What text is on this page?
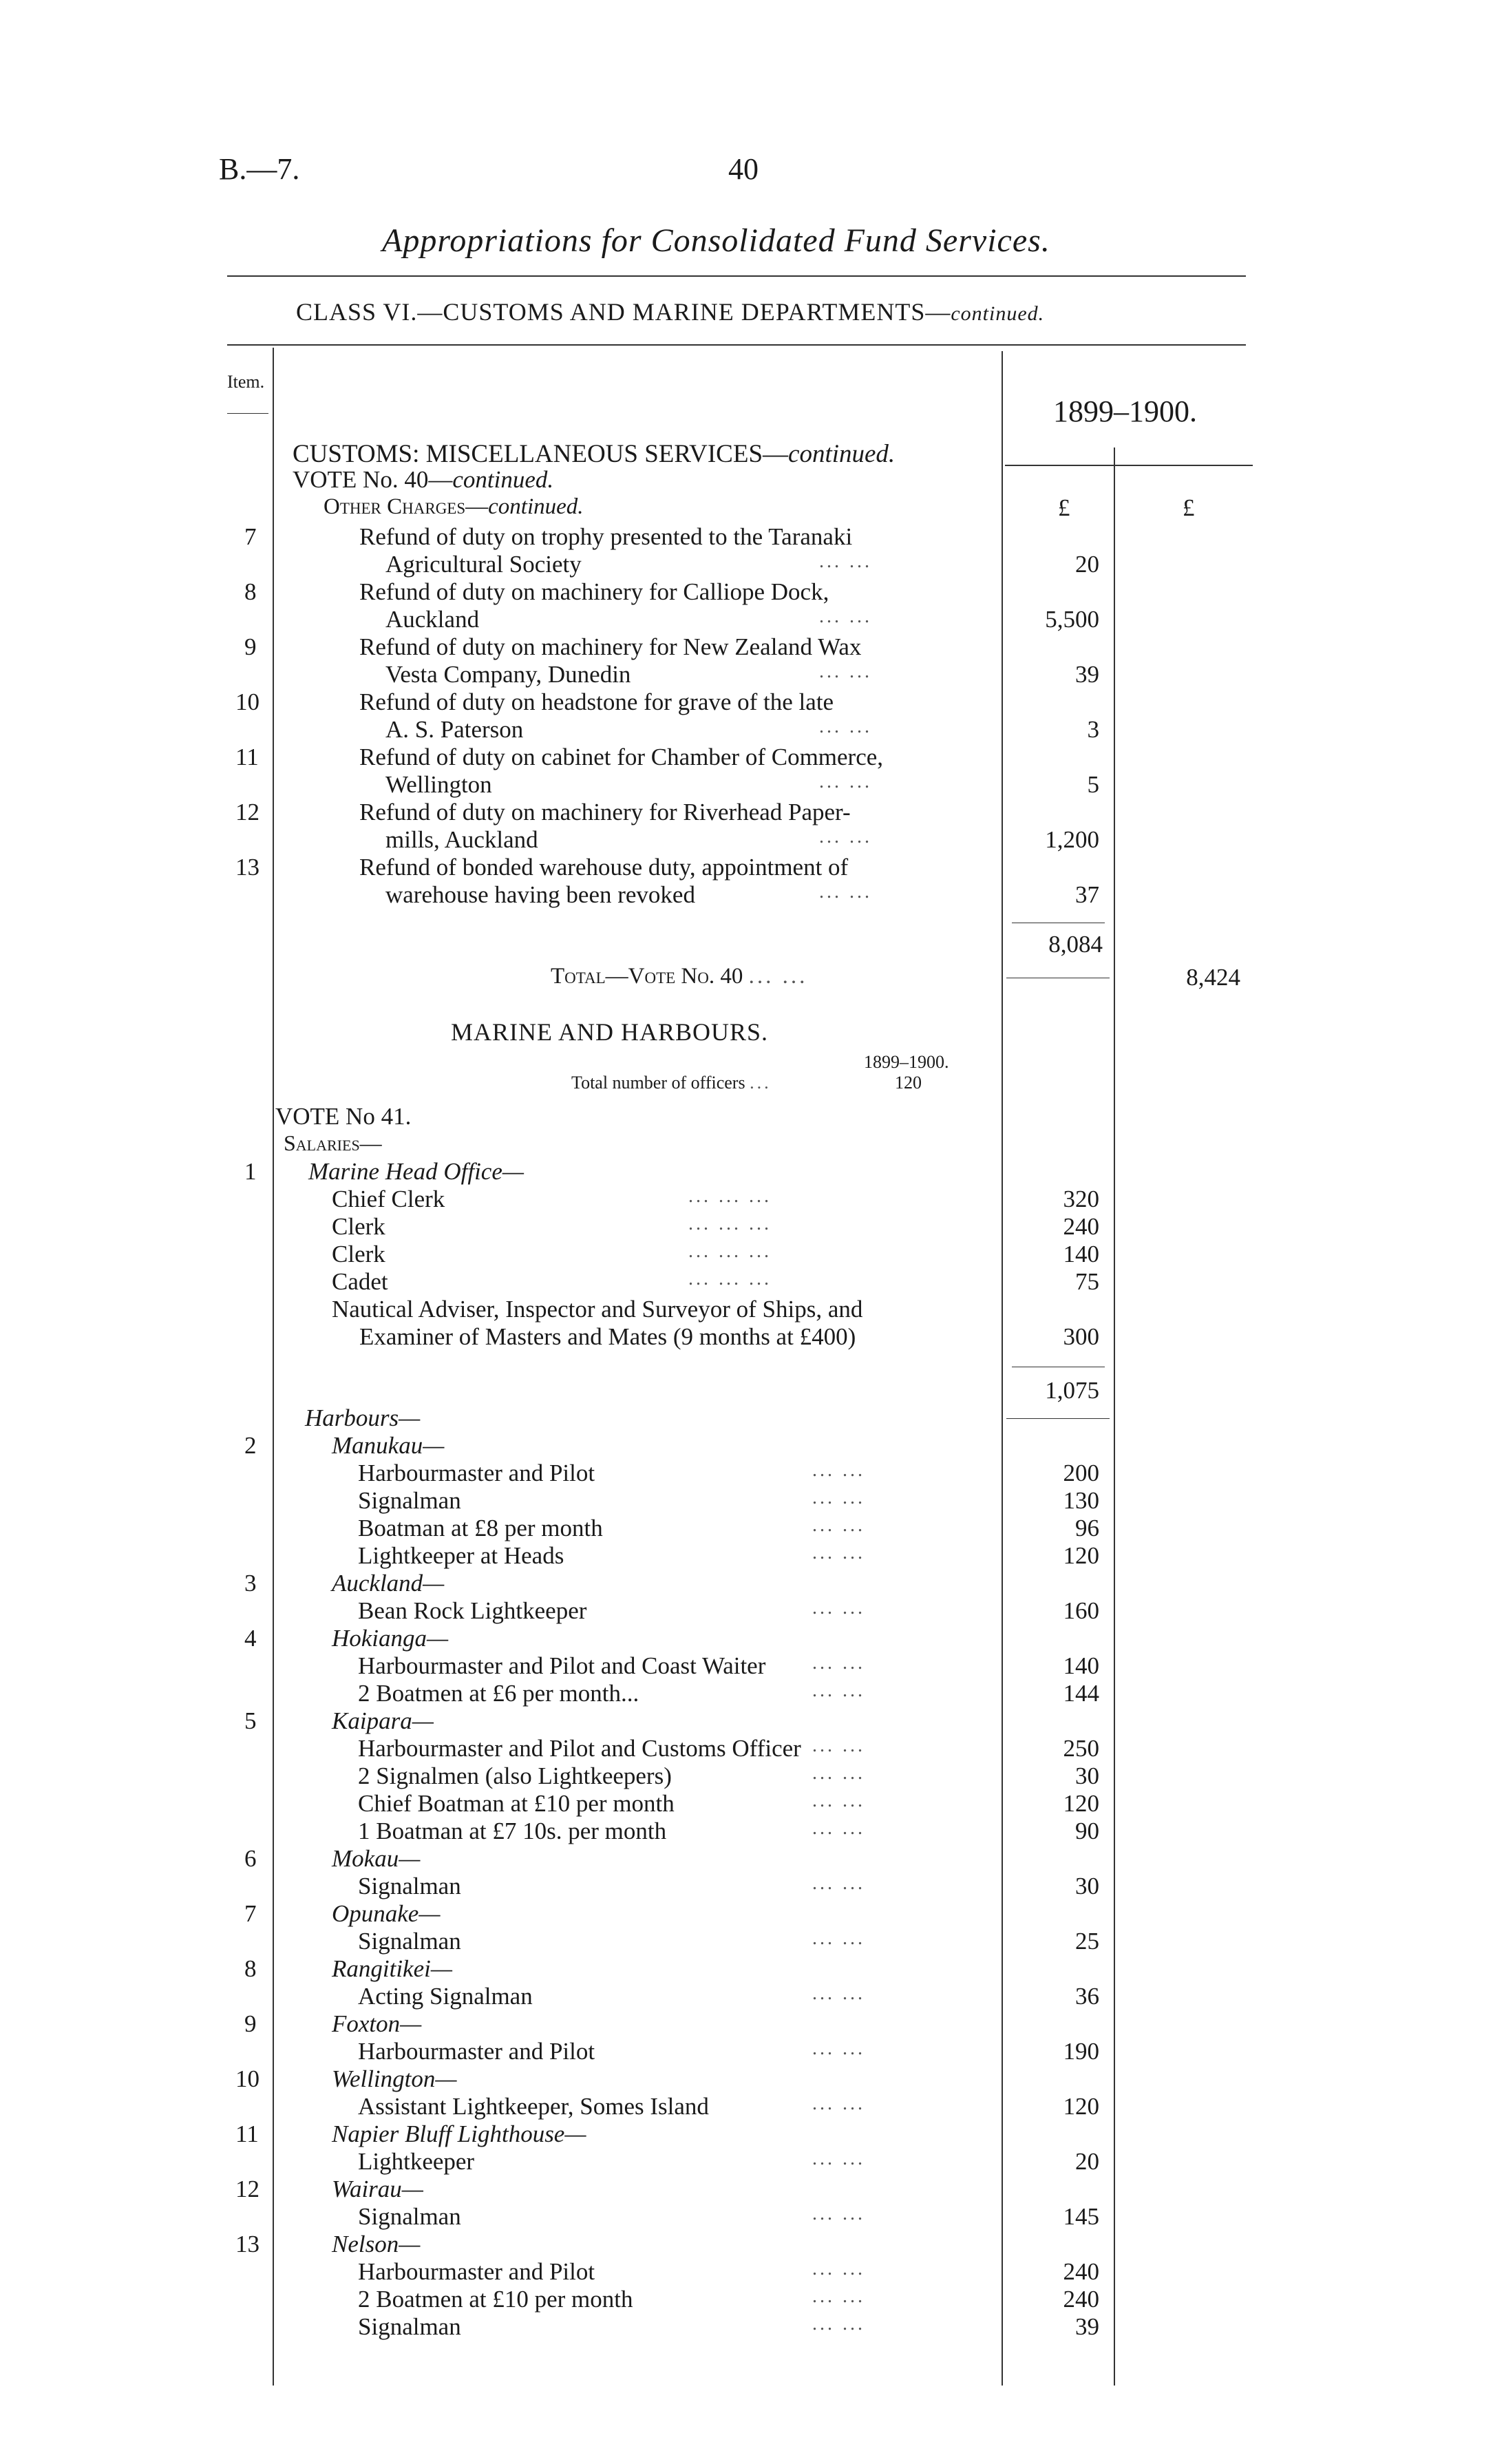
B.—7.	40
Appropriations for Consolidated Fund Services.
CLASS VI.—CUSTOMS AND MARINE DEPARTMENTS—continued.
Item.
1899–1900.
CUSTOMS: MISCELLANEOUS SERVICES—continued.
VOTE No. 40—continued.
Other Charges—continued.	£	£
7	Refund of duty on trophy presented to the Taranaki
Agricultural Society	... ...	20
8	Refund of duty on machinery for Calliope Dock,
Auckland	... ...	5,500
9	Refund of duty on machinery for New Zealand Wax
Vesta Company, Dunedin	... ...	39
10	Refund of duty on headstone for grave of the late
A. S. Paterson	... ...	3
11	Refund of duty on cabinet for Chamber of Commerce,
Wellington	... ...	5
12	Refund of duty on machinery for Riverhead Paper-
mills, Auckland	... ...	1,200
13	Refund of bonded warehouse duty, appointment of
warehouse having been revoked	... ...	37
8,084
Total—Vote No. 40 ... ...	8,424
MARINE AND HARBOURS.
1899–1900.
Total number of officers ...	120
VOTE No 41.
Salaries—
1 Marine Head Office—
Chief Clerk	... ... ...	320
Clerk	... ... ...	240
Clerk	... ... ...	140
Cadet	... ... ...	75
Nautical Adviser, Inspector and Surveyor of Ships, and
Examiner of Masters and Mates (9 months at £400)	300
1,075
Harbours—
2	Manukau—
Harbourmaster and Pilot	... ...	200
Signalman	... ...	130
Boatman at £8 per month	... ...	96
Lightkeeper at Heads	... ...	120
3	Auckland—
Bean Rock Lightkeeper	... ...	160
4	Hokianga—
Harbourmaster and Pilot and Coast Waiter ... ...	140
2 Boatmen at £6 per month...	... ...	144
5	Kaipara—
Harbourmaster and Pilot and Customs Officer ... ...	250
2 Signalmen (also Lightkeepers)	... ...	30
Chief Boatman at £10 per month	... ...	120
1 Boatman at £7 10s. per month	... ...	90
6	Mokau—
Signalman	... ...	30
7	Opunake—
Signalman	... ...	25
8	Rangitikei—
Acting Signalman	... ...	36
9	Foxton—
Harbourmaster and Pilot	... ...	190
10	Wellington—
Assistant Lightkeeper, Somes Island	... ...	120
11	Napier Bluff Lighthouse—
Lightkeeper	... ...	20
12	Wairau—
Signalman	... ...	145
13	Nelson—
Harbourmaster and Pilot	... ...	240
2 Boatmen at £10 per month	... ...	240
Signalman	... ...	39
